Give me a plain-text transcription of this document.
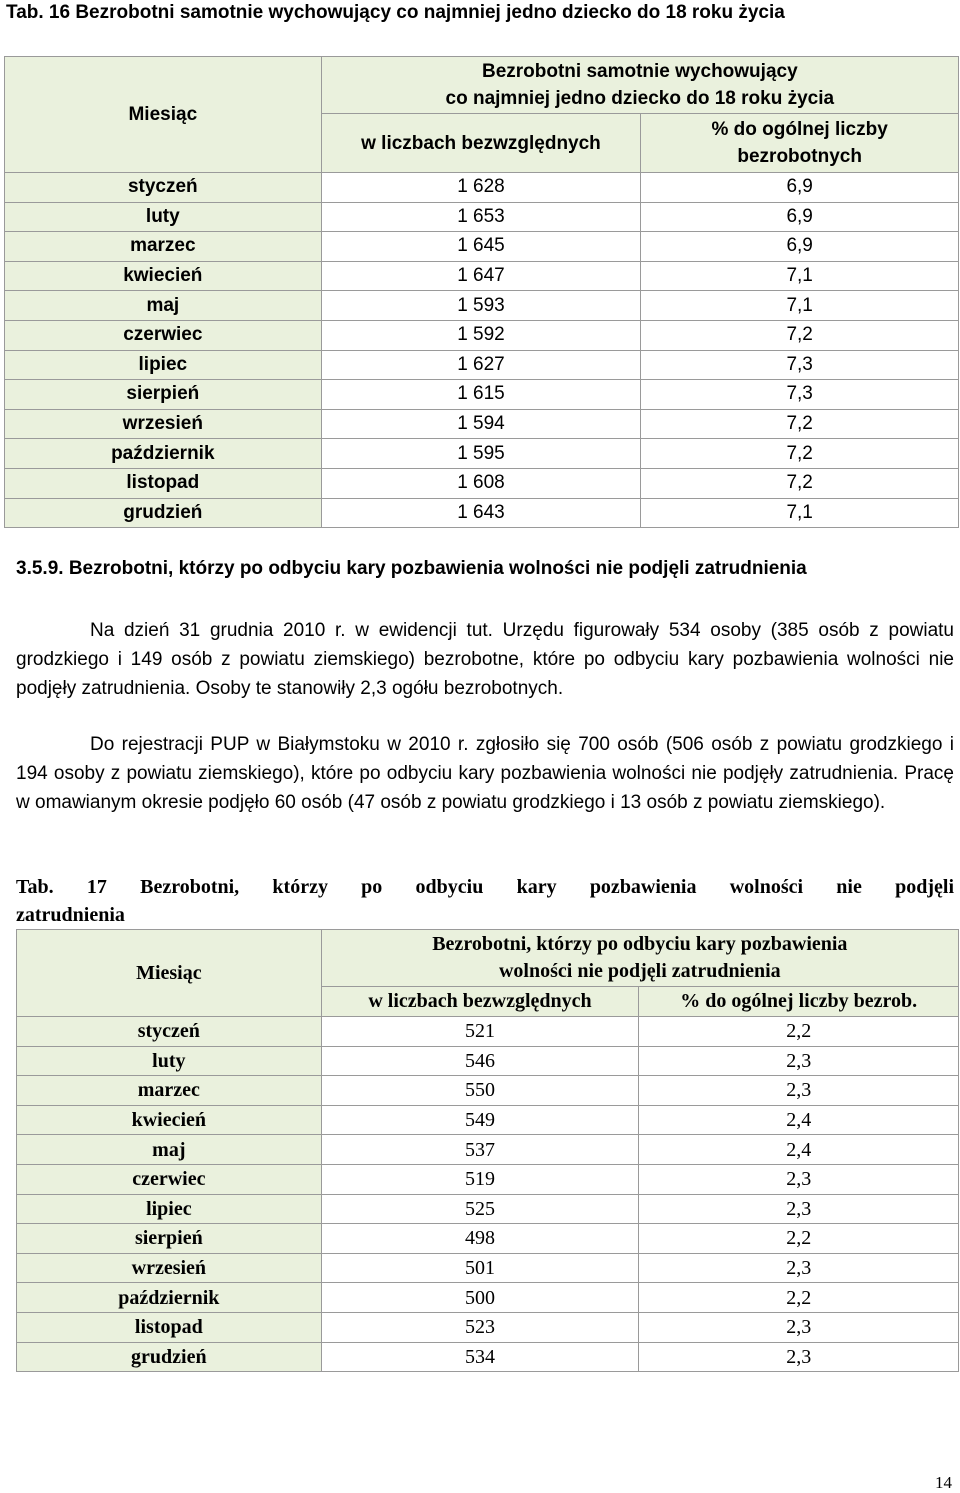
Tab. 16 Bezrobotni samotnie wychowujący co najmniej jedno dziecko do 18 roku życia
Miesiąc	Bezrobotni samotnie wychowujący
co najmniej jedno dziecko do 18 roku życia	
	w liczbach bezwzględnych	% do ogólnej liczby
bezrobotnych
styczeń	1 628	6,9
luty	1 653	6,9
marzec	1 645	6,9
kwiecień	1 647	7,1
maj	1 593	7,1
czerwiec	1 592	7,2
lipiec	1 627	7,3
sierpień	1 615	7,3
wrzesień	1 594	7,2
październik	1 595	7,2
listopad	1 608	7,2
grudzień	1 643	7,1
3.5.9. Bezrobotni, którzy po odbyciu kary pozbawienia wolności nie podjęli zatrudnienia
Na dzień 31 grudnia 2010 r. w ewidencji tut. Urzędu figurowały 534 osoby (385 osób z powiatu grodzkiego i 149 osób z powiatu ziemskiego) bezrobotne, które po odbyciu kary pozbawienia wolności nie podjęły zatrudnienia. Osoby te stanowiły 2,3 ogółu bezrobotnych.
Do rejestracji PUP w Białymstoku w 2010 r. zgłosiło się 700 osób (506 osób z powiatu grodzkiego i 194 osoby z powiatu ziemskiego), które po odbyciu kary pozbawienia wolności nie podjęły zatrudnienia. Pracę w omawianym okresie podjęło 60 osób (47 osób z powiatu grodzkiego i 13 osób z powiatu ziemskiego).
Tab. 17 Bezrobotni, którzy po odbyciu kary pozbawienia wolności nie podjęli
zatrudnienia
Miesiąc	Bezrobotni, którzy po odbyciu kary pozbawienia
wolności nie podjęli zatrudnienia	
	w liczbach bezwzględnych	% do ogólnej liczby bezrob.
styczeń	521	2,2
luty	546	2,3
marzec	550	2,3
kwiecień	549	2,4
maj	537	2,4
czerwiec	519	2,3
lipiec	525	2,3
sierpień	498	2,2
wrzesień	501	2,3
październik	500	2,2
listopad	523	2,3
grudzień	534	2,3
14
